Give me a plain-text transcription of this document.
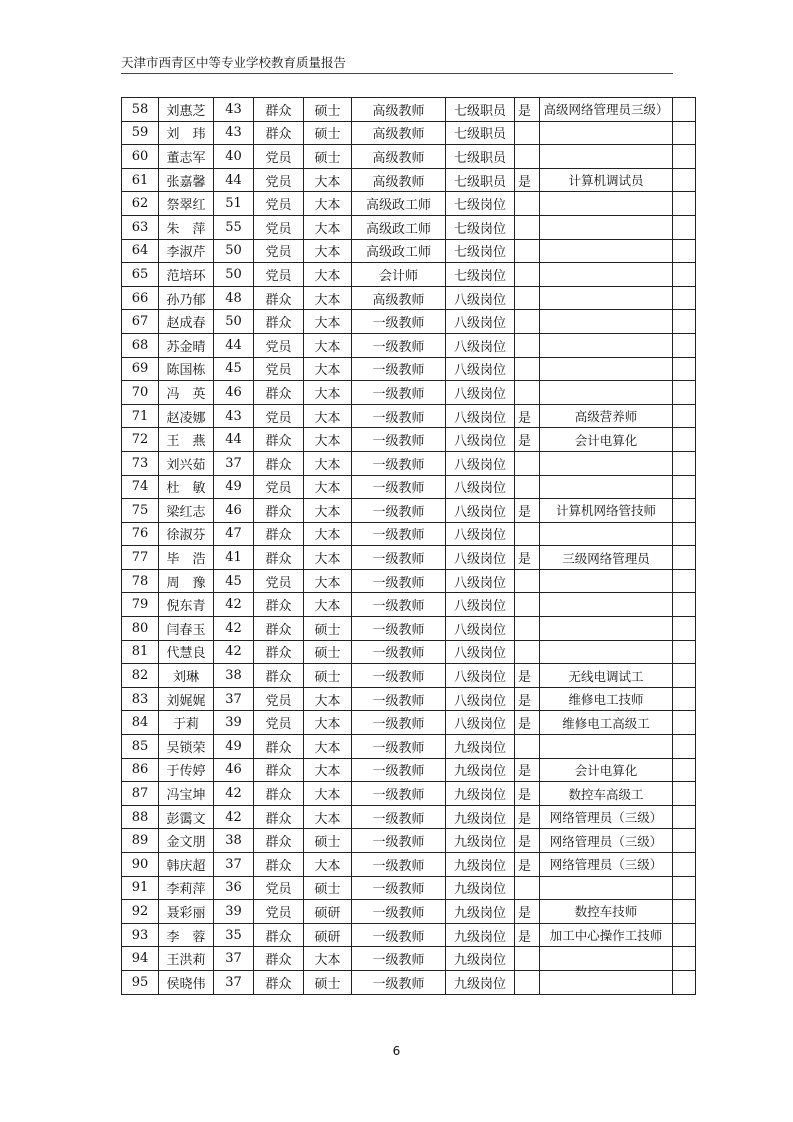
天津市西青区中等专业学校教育质量报告
58	刘惠芝	43	群众	硕士	高级教师	七级职员	是	高级网络管理员三级）	
59	刘　玮	43	群众	硕士	高级教师	七级职员			
60	董志军	40	党员	硕士	高级教师	七级职员			
61	张嘉馨	44	党员	大本	高级教师	七级职员	是	计算机调试员	
62	祭翠红	51	党员	大本	高级政工师	七级岗位			
63	朱　萍	55	党员	大本	高级政工师	七级岗位			
64	李淑芹	50	党员	大本	高级政工师	七级岗位			
65	范培环	50	党员	大本	会计师	七级岗位			
66	孙乃郁	48	群众	大本	高级教师	八级岗位			
67	赵成春	50	群众	大本	一级教师	八级岗位			
68	苏金晴	44	党员	大本	一级教师	八级岗位			
69	陈国栋	45	党员	大本	一级教师	八级岗位			
70	冯　英	46	群众	大本	一级教师	八级岗位			
71	赵凌娜	43	党员	大本	一级教师	八级岗位	是	高级营养师	
72	王　燕	44	群众	大本	一级教师	八级岗位	是	会计电算化	
73	刘兴茹	37	群众	大本	一级教师	八级岗位			
74	杜　敏	49	党员	大本	一级教师	八级岗位			
75	梁红志	46	群众	大本	一级教师	八级岗位	是	计算机网络管技师	
76	徐淑芬	47	群众	大本	一级教师	八级岗位			
77	毕　浩	41	群众	大本	一级教师	八级岗位	是	三级网络管理员	
78	周　豫	45	党员	大本	一级教师	八级岗位			
79	倪东青	42	群众	大本	一级教师	八级岗位			
80	闫春玉	42	群众	硕士	一级教师	八级岗位			
81	代慧良	42	群众	硕士	一级教师	八级岗位			
82	刘琳	38	群众	硕士	一级教师	八级岗位	是	无线电调试工	
83	刘娓娓	37	党员	大本	一级教师	八级岗位	是	维修电工技师	
84	于莉	39	党员	大本	一级教师	八级岗位	是	维修电工高级工	
85	吴锁荣	49	群众	大本	一级教师	九级岗位			
86	于传婷	46	群众	大本	一级教师	九级岗位	是	会计电算化	
87	冯宝坤	42	群众	大本	一级教师	九级岗位	是	数控车高级工	
88	彭霭文	42	群众	大本	一级教师	九级岗位	是	网络管理员（三级）	
89	金文朋	38	群众	硕士	一级教师	九级岗位	是	网络管理员（三级）	
90	韩庆超	37	群众	大本	一级教师	九级岗位	是	网络管理员（三级）	
91	李莉萍	36	党员	硕士	一级教师	九级岗位			
92	聂彩丽	39	党员	硕研	一级教师	九级岗位	是	数控车技师	
93	李　蓉	35	群众	硕研	一级教师	九级岗位	是	加工中心操作工技师	
94	王洪莉	37	群众	大本	一级教师	九级岗位			
95	侯晓伟	37	群众	硕士	一级教师	九级岗位			
6
